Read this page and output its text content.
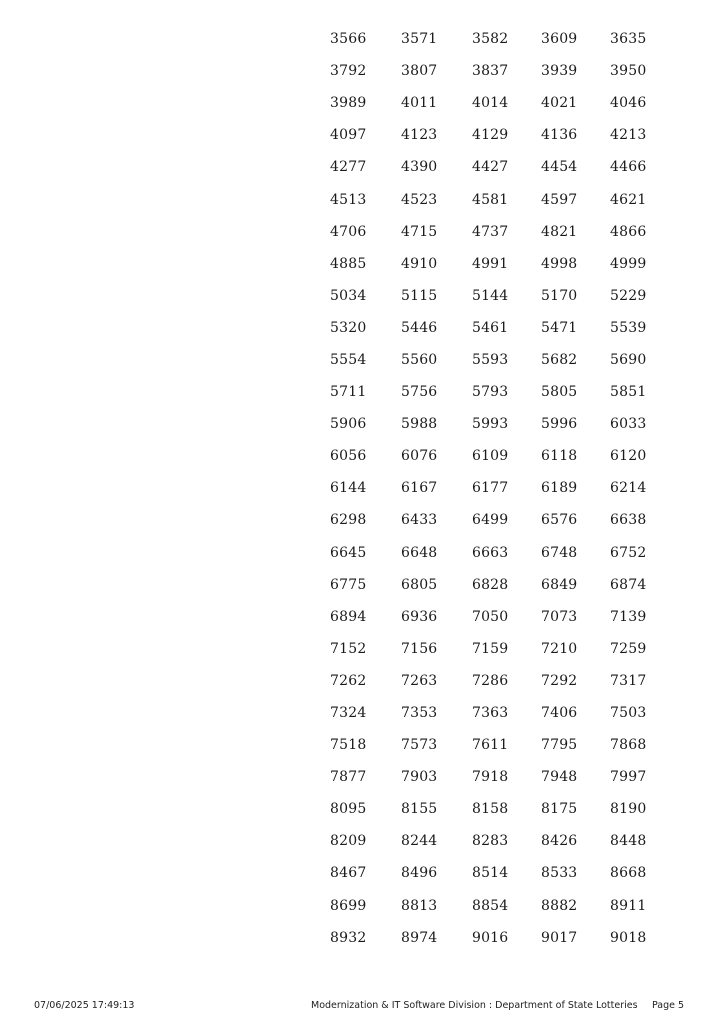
3566	3571	3582	3609	3635
3792	3807	3837	3939	3950
3989	4011	4014	4021	4046
4097	4123	4129	4136	4213
4277	4390	4427	4454	4466
4513	4523	4581	4597	4621
4706	4715	4737	4821	4866
4885	4910	4991	4998	4999
5034	5115	5144	5170	5229
5320	5446	5461	5471	5539
5554	5560	5593	5682	5690
5711	5756	5793	5805	5851
5906	5988	5993	5996	6033
6056	6076	6109	6118	6120
6144	6167	6177	6189	6214
6298	6433	6499	6576	6638
6645	6648	6663	6748	6752
6775	6805	6828	6849	6874
6894	6936	7050	7073	7139
7152	7156	7159	7210	7259
7262	7263	7286	7292	7317
7324	7353	7363	7406	7503
7518	7573	7611	7795	7868
7877	7903	7918	7948	7997
8095	8155	8158	8175	8190
8209	8244	8283	8426	8448
8467	8496	8514	8533	8668
8699	8813	8854	8882	8911
8932	8974	9016	9017	9018
07/06/2025 17:49:13	Modernization & IT Software Division : Department of State Lotteries Page 5
